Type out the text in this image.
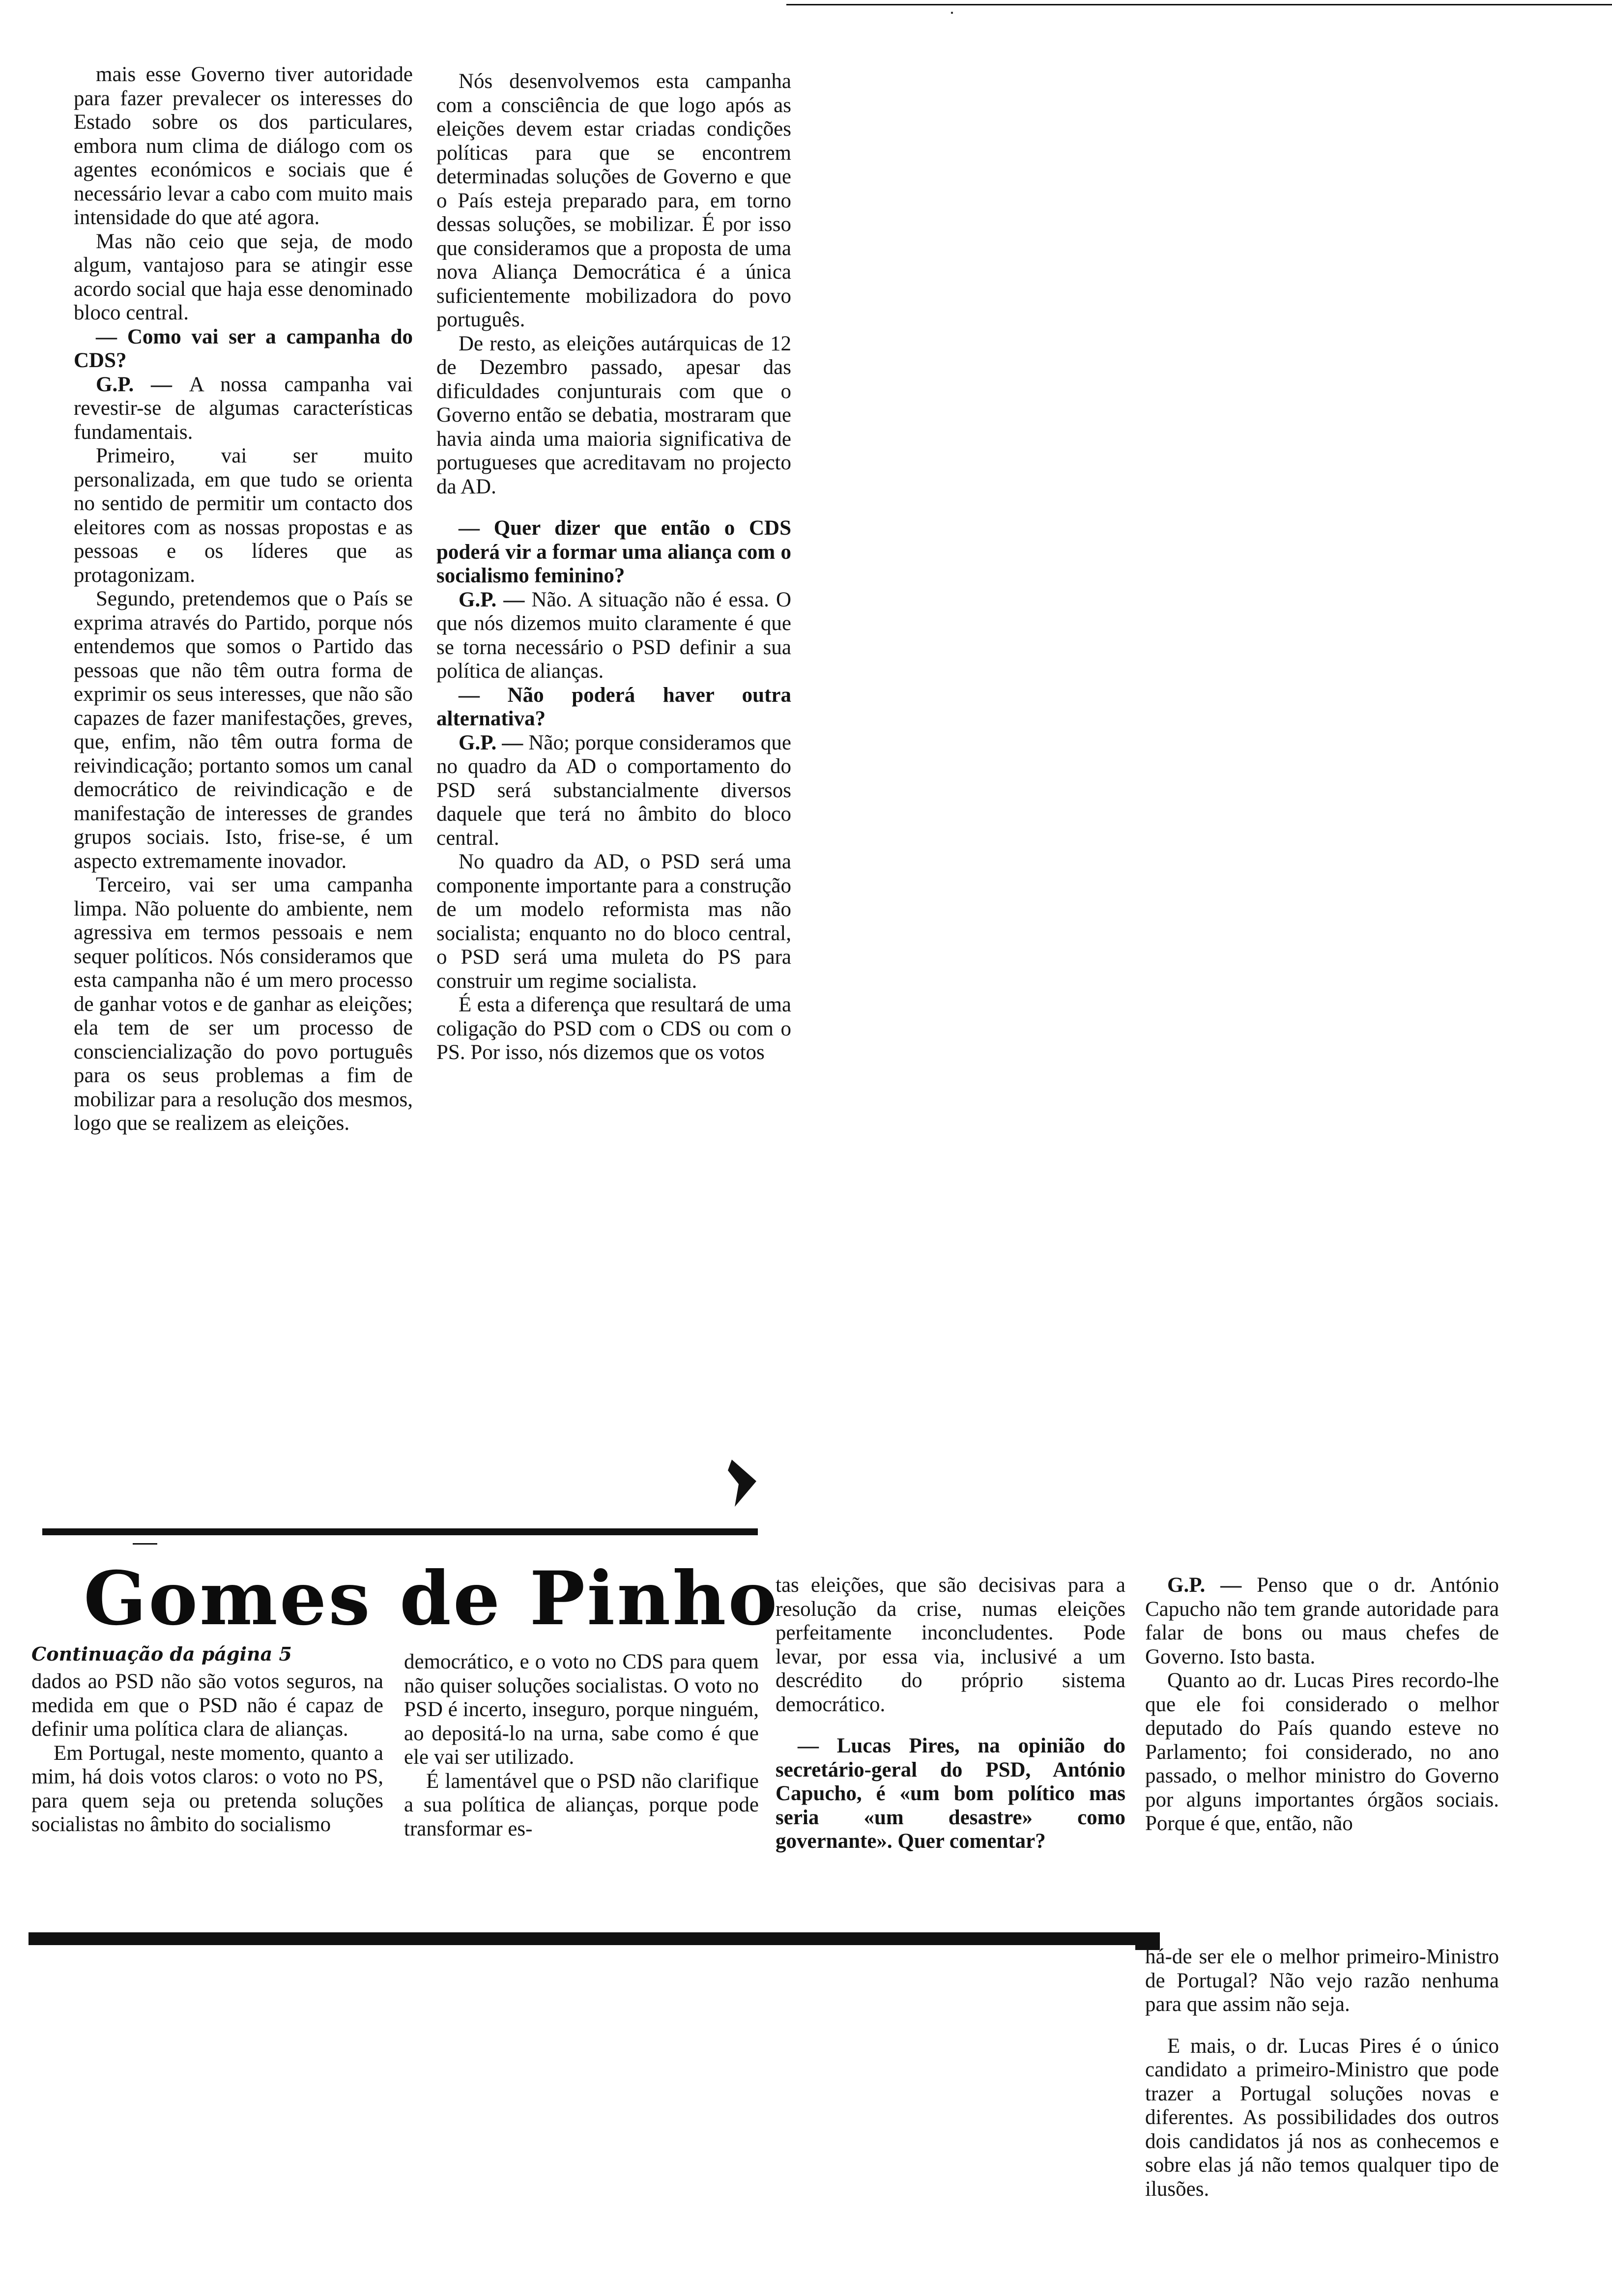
mais esse Governo tiver autoridade para fazer prevalecer os interesses do Estado sobre os dos particulares, embora num clima de diálogo com os agentes económicos e sociais que é necessário levar a cabo com muito mais intensidade do que até agora.

Mas não ceio que seja, de modo algum, vantajoso para se atingir esse acordo social que haja esse denominado bloco central.

— Como vai ser a campanha do CDS?

G.P. — A nossa campanha vai revestir-se de algumas características fundamentais.

Primeiro, vai ser muito personalizada, em que tudo se orienta no sentido de permitir um contacto dos eleitores com as nossas propostas e as pessoas e os líderes que as protagonizam.

Segundo, pretendemos que o País se exprima através do Partido, porque nós entendemos que somos o Partido das pessoas que não têm outra forma de exprimir os seus interesses, que não são capazes de fazer manifestações, greves, que, enfim, não têm outra forma de reivindicação; portanto somos um canal democrático de reivindicação e de manifestação de interesses de grandes grupos sociais. Isto, frise-se, é um aspecto extremamente inovador.

Terceiro, vai ser uma campanha limpa. Não poluente do ambiente, nem agressiva em termos pessoais e nem sequer políticos. Nós consideramos que esta campanha não é um mero processo de ganhar votos e de ganhar as eleições; ela tem de ser um processo de consciencialização do povo português para os seus problemas a fim de mobilizar para a resolução dos mesmos, logo que se realizem as eleições.

Nós desenvolvemos esta campanha com a consciência de que logo após as eleições devem estar criadas condições políticas para que se encontrem determinadas soluções de Governo e que o País esteja preparado para, em torno dessas soluções, se mobilizar. É por isso que consideramos que a proposta de uma nova Aliança Democrática é a única suficientemente mobilizadora do povo português.

De resto, as eleições autárquicas de 12 de Dezembro passado, apesar das dificuldades conjunturais com que o Governo então se debatia, mostraram que havia ainda uma maioria significativa de portugueses que acreditavam no projecto da AD.

— Quer dizer que então o CDS poderá vir a formar uma aliança com o socialismo feminino?

G.P. — Não. A situação não é essa. O que nós dizemos muito claramente é que se torna necessário o PSD definir a sua política de alianças.

— Não poderá haver outra alternativa?

G.P. — Não; porque consideramos que no quadro da AD o comportamento do PSD será substancialmente diversos daquele que terá no âmbito do bloco central.

No quadro da AD, o PSD será uma componente importante para a construção de um modelo reformista mas não socialista; enquanto no do bloco central, o PSD será uma muleta do PS para construir um regime socialista.

É esta a diferença que resultará de uma coligação do PSD com o CDS ou com o PS. Por isso, nós dizemos que os votos

Gomes de Pinho
Continuação da página 5

dados ao PSD não são votos seguros, na medida em que o PSD não é capaz de definir uma política clara de alianças.

Em Portugal, neste momento, quanto a mim, há dois votos claros: o voto no PS, para quem seja ou pretenda soluções socialistas no âmbito do socialismo

democrático, e o voto no CDS para quem não quiser soluções socialistas. O voto no PSD é incerto, inseguro, porque ninguém, ao depositá-lo na urna, sabe como é que ele vai ser utilizado.

É lamentável que o PSD não clarifique a sua política de alianças, porque pode transformar es-

tas eleições, que são decisivas para a resolução da crise, numas eleições perfeitamente inconcludentes. Pode levar, por essa via, inclusivé a um descrédito do próprio sistema democrático.

— Lucas Pires, na opinião do secretário-geral do PSD, António Capucho, é «um bom político mas seria «um desastre» como governante». Quer comentar?

G.P. — Penso que o dr. António Capucho não tem grande autoridade para falar de bons ou maus chefes de Governo. Isto basta.

Quanto ao dr. Lucas Pires recordo-lhe que ele foi considerado o melhor deputado do País quando esteve no Parlamento; foi considerado, no ano passado, o melhor ministro do Governo por alguns importantes órgãos sociais. Porque é que, então, não

há-de ser ele o melhor primeiro-Ministro de Portugal? Não vejo razão nenhuma para que assim não seja.

E mais, o dr. Lucas Pires é o único candidato a primeiro-Ministro que pode trazer a Portugal soluções novas e diferentes. As possibilidades dos outros dois candidatos já nos as conhecemos e sobre elas já não temos qualquer tipo de ilusões.
